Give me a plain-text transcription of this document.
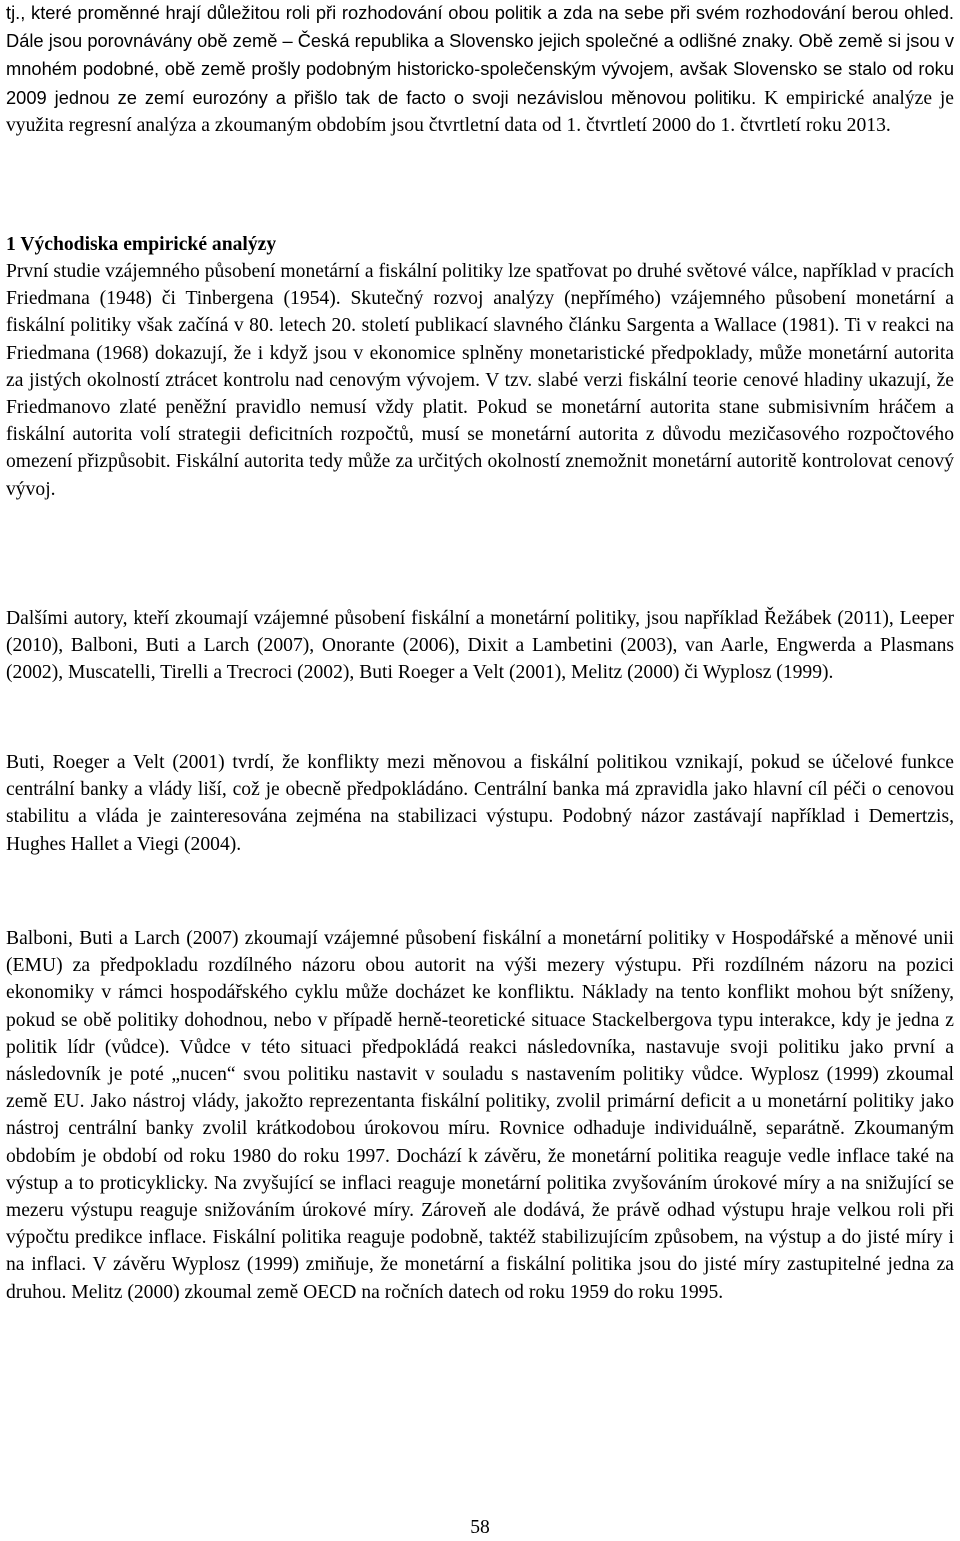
tj., které proměnné hrají důležitou roli při rozhodování obou politik a zda na sebe při svém rozhodování berou ohled. Dále jsou porovnávány obě země – Česká republika a Slovensko jejich společné a odlišné znaky. Obě země si jsou v mnohém podobné, obě země prošly podobným historicko-společenským vývojem, avšak Slovensko se stalo od roku 2009 jednou ze zemí eurozóny a přišlo tak de facto o svoji nezávislou měnovou politiku. K empirické analýze je využita regresní analýza a zkoumaným obdobím jsou čtvrtletní data od 1. čtvrtletí 2000 do 1. čtvrtletí roku 2013.

1 Východiska empirické analýzy

První studie vzájemného působení monetární a fiskální politiky lze spatřovat po druhé světové válce, například v pracích Friedmana (1948) či Tinbergena (1954). Skutečný rozvoj analýzy (nepřímého) vzájemného působení monetární a fiskální politiky však začíná v 80. letech 20. století publikací slavného článku Sargenta a Wallace (1981). Ti v reakci na Friedmana (1968) dokazují, že i když jsou v ekonomice splněny monetaristické předpoklady, může monetární autorita za jistých okolností ztrácet kontrolu nad cenovým vývojem. V tzv. slabé verzi fiskální teorie cenové hladiny ukazují, že Friedmanovo zlaté peněžní pravidlo nemusí vždy platit. Pokud se monetární autorita stane submisivním hráčem a fiskální autorita volí strategii deficitních rozpočtů, musí se monetární autorita z důvodu mezičasového rozpočtového omezení přizpůsobit. Fiskální autorita tedy může za určitých okolností znemožnit monetární autoritě kontrolovat cenový vývoj.

Dalšími autory, kteří zkoumají vzájemné působení fiskální a monetární politiky, jsou například Řežábek (2011), Leeper (2010), Balboni, Buti a Larch (2007), Onorante (2006), Dixit a Lambetini (2003), van Aarle, Engwerda a Plasmans (2002), Muscatelli, Tirelli a Trecroci (2002), Buti Roeger a Velt (2001), Melitz (2000) či Wyplosz (1999).

Buti, Roeger a Velt (2001) tvrdí, že konflikty mezi měnovou a fiskální politikou vznikají, pokud se účelové funkce centrální banky a vlády liší, což je obecně předpokládáno. Centrální banka má zpravidla jako hlavní cíl péči o cenovou stabilitu a vláda je zainteresována zejména na stabilizaci výstupu. Podobný názor zastávají například i Demertzis, Hughes Hallet a Viegi (2004).

Balboni, Buti a Larch (2007) zkoumají vzájemné působení fiskální a monetární politiky v Hospodářské a měnové unii (EMU) za předpokladu rozdílného názoru obou autorit na výši mezery výstupu. Při rozdílném názoru na pozici ekonomiky v rámci hospodářského cyklu může docházet ke konfliktu. Náklady na tento konflikt mohou být sníženy, pokud se obě politiky dohodnou, nebo v případě herně-teoretické situace Stackelbergova typu interakce, kdy je jedna z politik lídr (vůdce). Vůdce v této situaci předpokládá reakci následovníka, nastavuje svoji politiku jako první a následovník je poté „nucen“ svou politiku nastavit v souladu s nastavením politiky vůdce. Wyplosz (1999) zkoumal země EU. Jako nástroj vlády, jakožto reprezentanta fiskální politiky, zvolil primární deficit a u monetární politiky jako nástroj centrální banky zvolil krátkodobou úrokovou míru. Rovnice odhaduje individuálně, separátně. Zkoumaným obdobím je období od roku 1980 do roku 1997. Dochází k závěru, že monetární politika reaguje vedle inflace také na výstup a to proticyklicky. Na zvyšující se inflaci reaguje monetární politika zvyšováním úrokové míry a na snižující se mezeru výstupu reaguje snižováním úrokové míry. Zároveň ale dodává, že právě odhad výstupu hraje velkou roli při výpočtu predikce inflace. Fiskální politika reaguje podobně, taktéž stabilizujícím způsobem, na výstup a do jisté míry i na inflaci. V závěru Wyplosz (1999) zmiňuje, že monetární a fiskální politika jsou do jisté míry zastupitelné jedna za druhou. Melitz (2000) zkoumal země OECD na ročních datech od roku 1959 do roku 1995.

58
